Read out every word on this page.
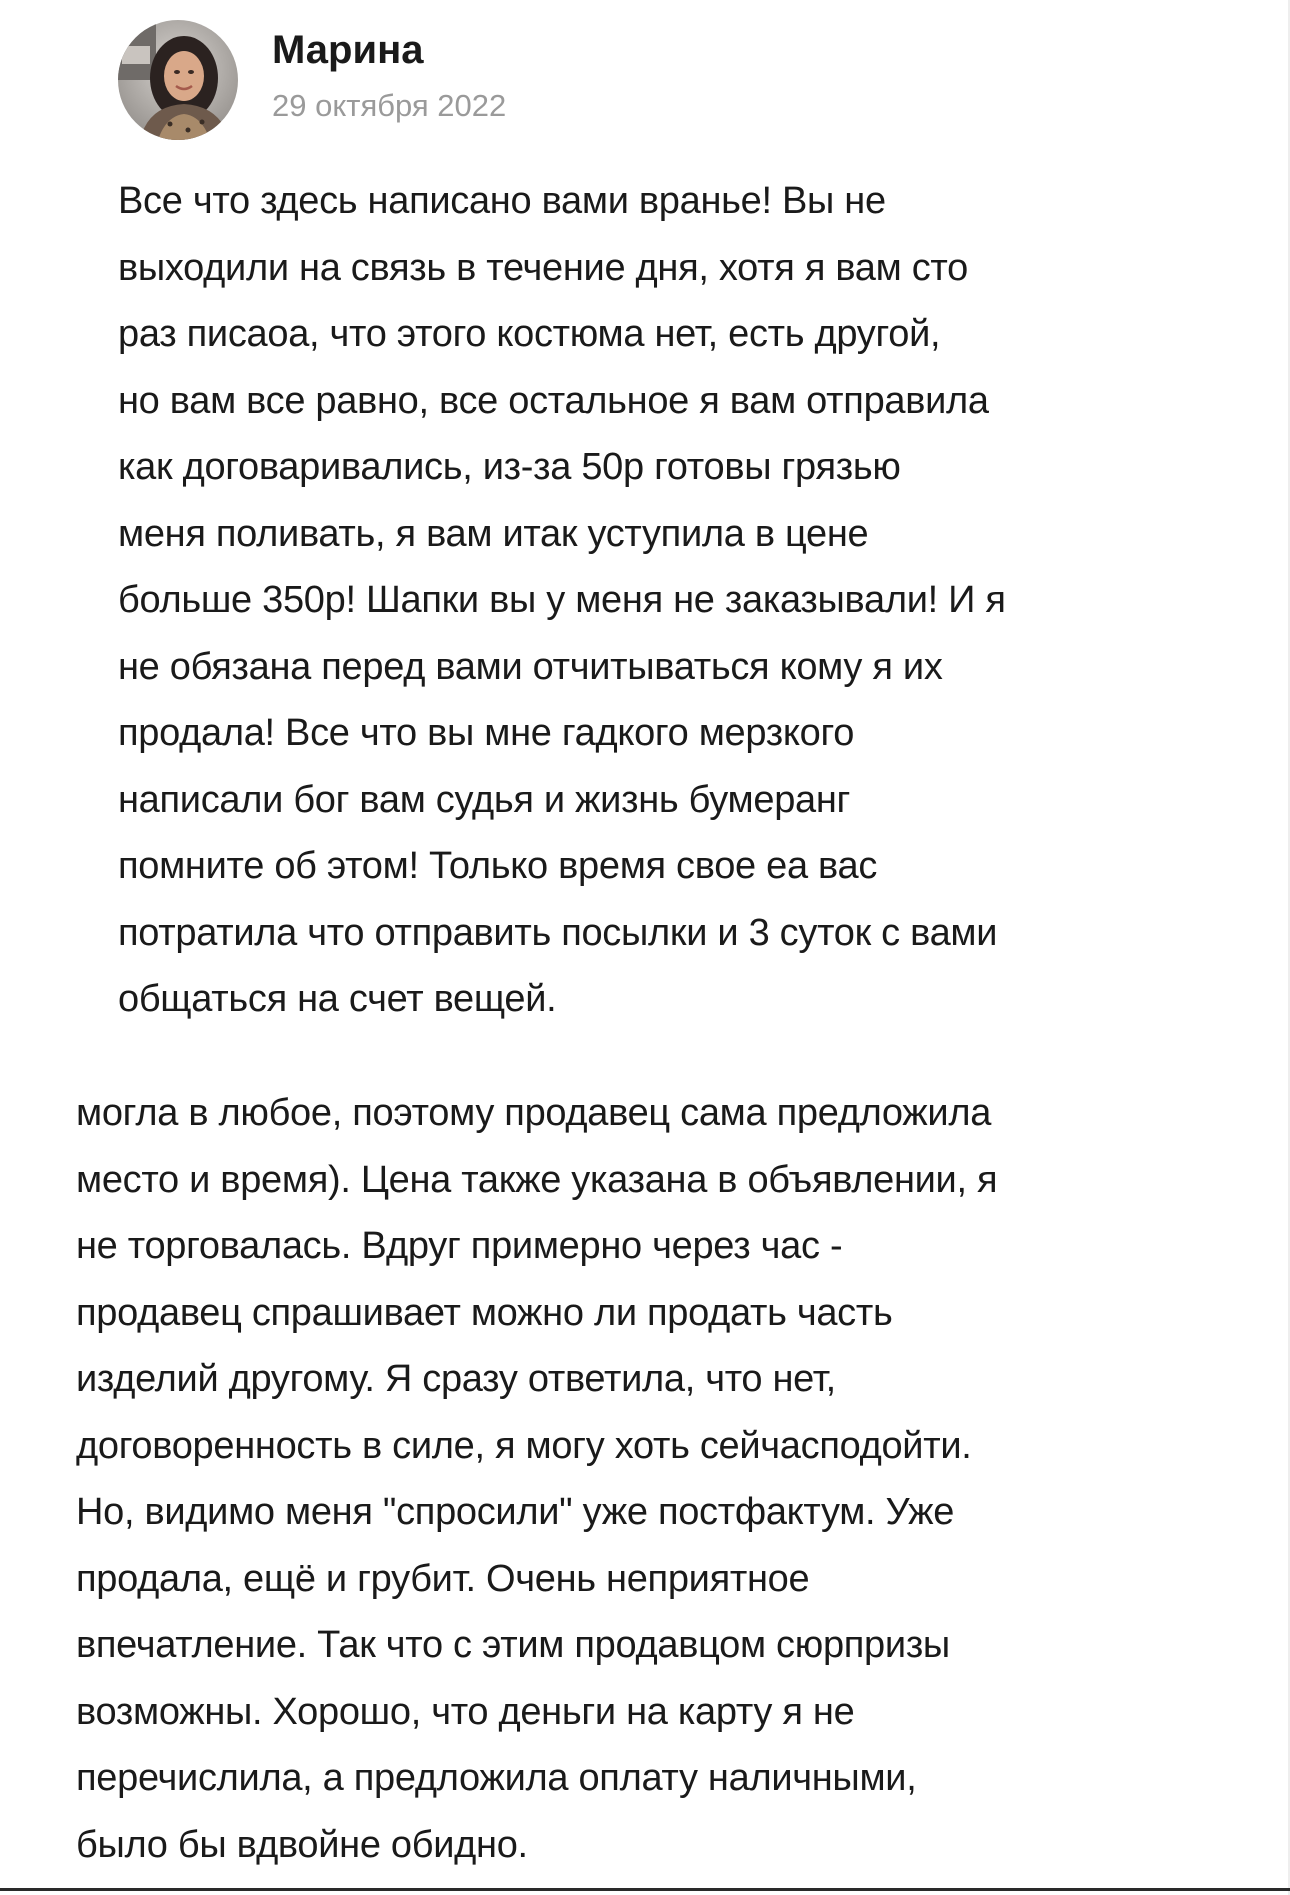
Марина
29 октября 2022
Все что здесь написано вами вранье! Вы не
выходили на связь в течение дня, хотя я вам сто
раз писаоа, что этого костюма нет, есть другой,
но вам все равно, все остальное я вам отправила
как договаривались, из-за 50р готовы грязью
меня поливать, я вам итак уступила в цене
больше 350р! Шапки вы у меня не заказывали! И я
не обязана перед вами отчитываться кому я их
продала! Все что вы мне гадкого мерзкого
написали бог вам судья и жизнь бумеранг
помните об этом! Только время свое еа вас
потратила что отправить посылки и 3 суток с вами
общаться на счет вещей.
могла в любое, поэтому продавец сама предложила
место и время). Цена также указана в объявлении, я
не торговалась. Вдруг примерно через час -
продавец спрашивает можно ли продать часть
изделий другому. Я сразу ответила, что нет,
договоренность в силе, я могу хоть сейчасподойти.
Но, видимо меня "спросили" уже постфактум. Уже
продала, ещё и грубит. Очень неприятное
впечатление. Так что с этим продавцом сюрпризы
возможны. Хорошо, что деньги на карту я не
перечислила, а предложила оплату наличными,
было бы вдвойне обидно.
